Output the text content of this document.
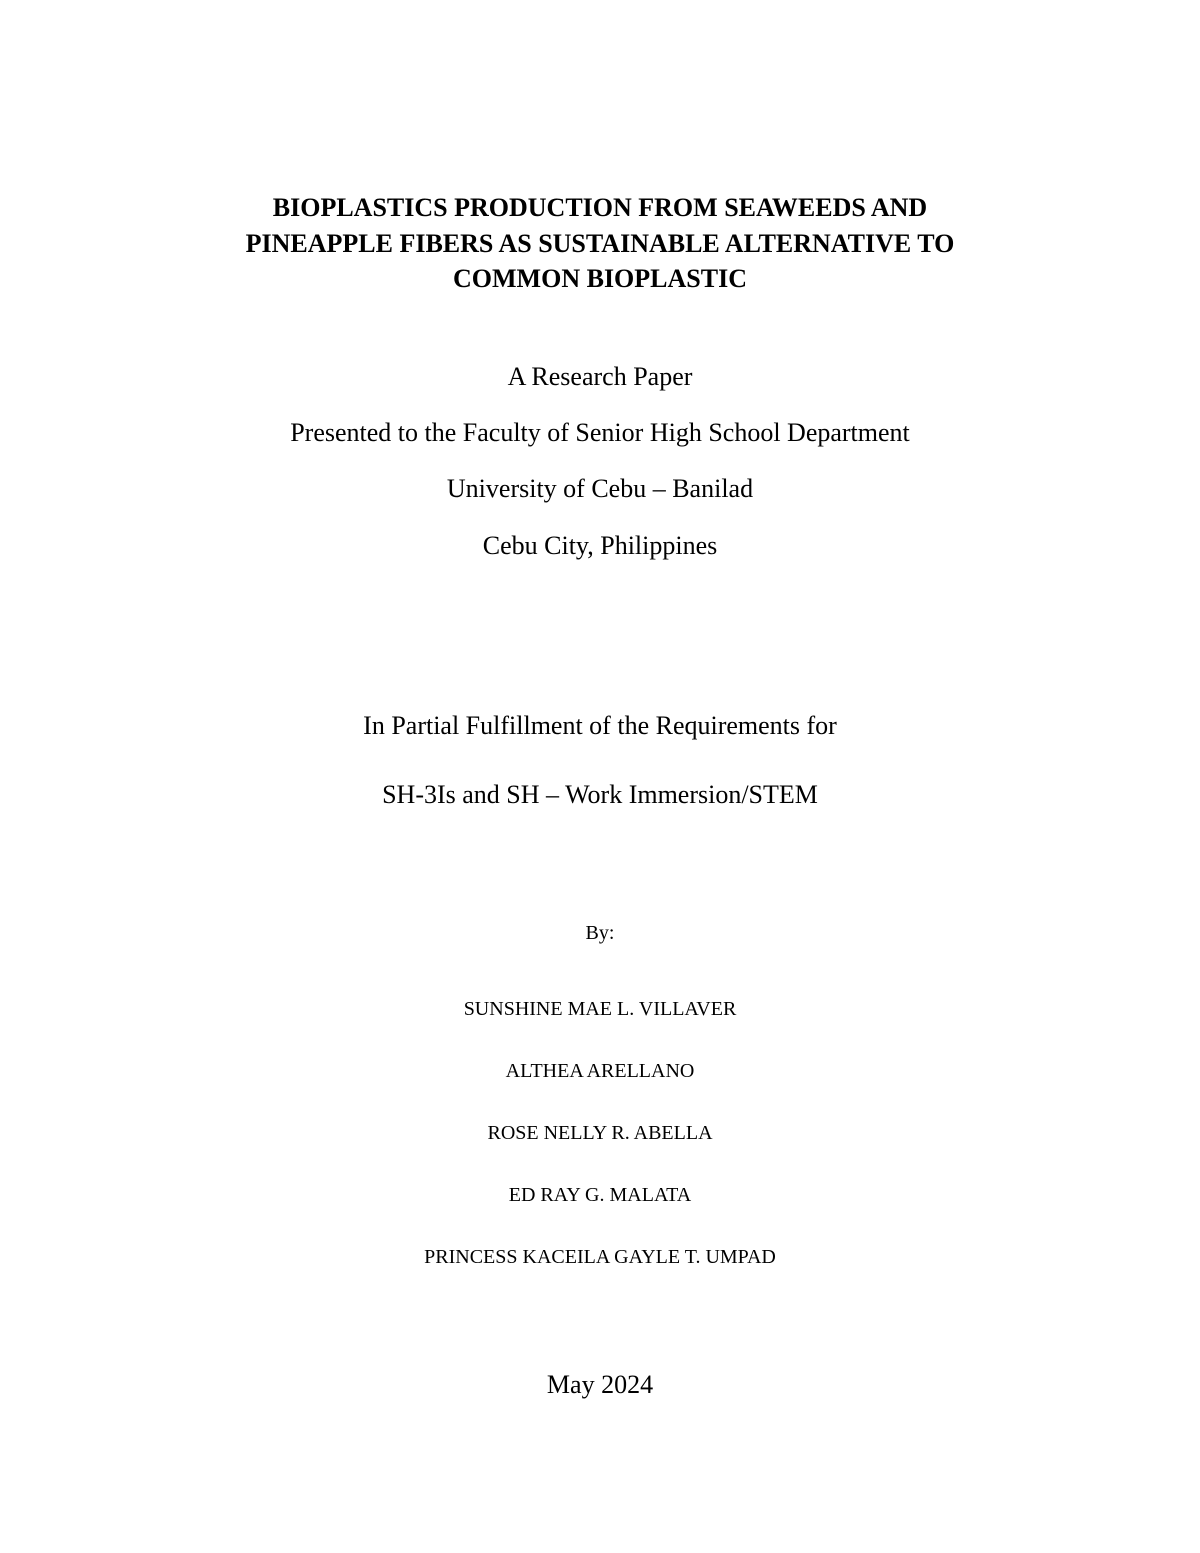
BIOPLASTICS PRODUCTION FROM SEAWEEDS AND
PINEAPPLE FIBERS AS SUSTAINABLE ALTERNATIVE TO
COMMON BIOPLASTIC

A Research Paper

Presented to the Faculty of Senior High School Department

University of Cebu – Banilad

Cebu City, Philippines

In Partial Fulfillment of the Requirements for

SH-3Is and SH – Work Immersion/STEM

By:

SUNSHINE MAE L. VILLAVER

ALTHEA ARELLANO

ROSE NELLY R. ABELLA

ED RAY G. MALATA

PRINCESS KACEILA GAYLE T. UMPAD

May 2024
